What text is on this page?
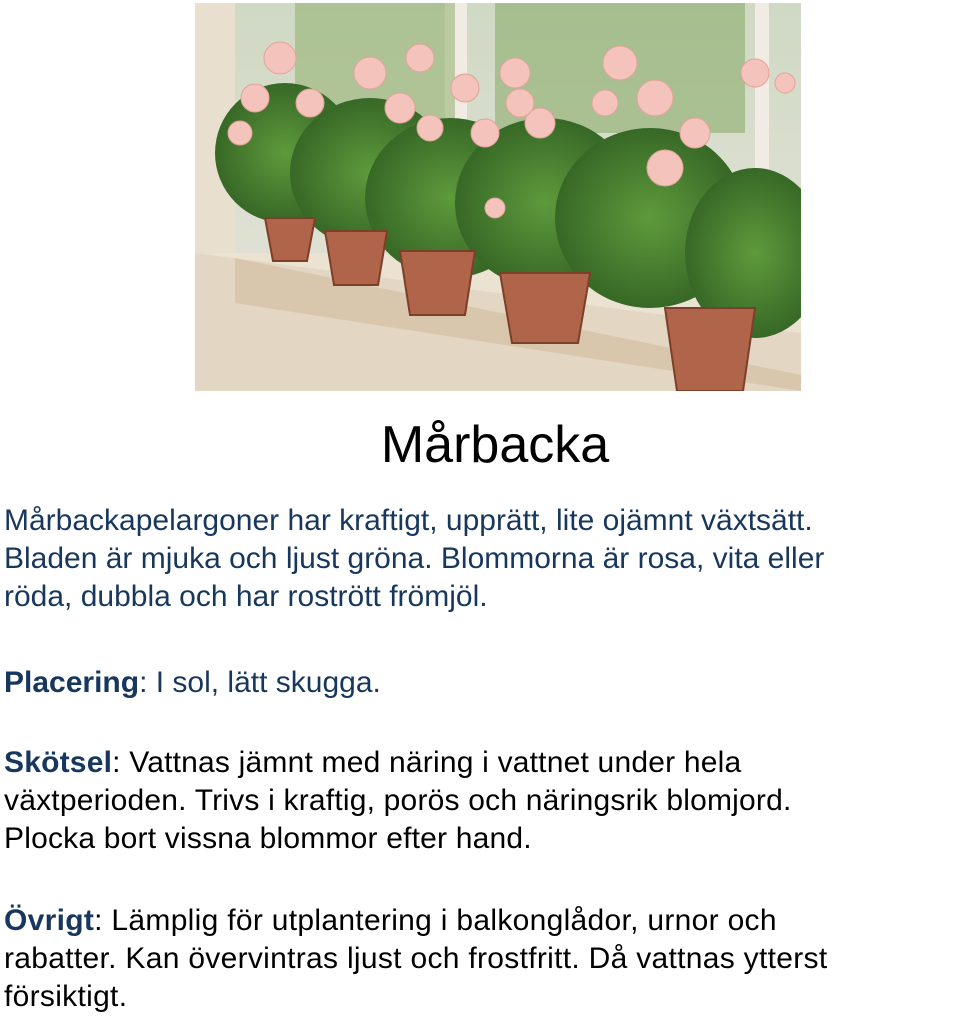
Mårbacka
Mårbackapelargoner har kraftigt, upprätt, lite ojämnt växtsätt.
Bladen är mjuka och ljust gröna. Blommorna är rosa, vita eller
röda, dubbla och har rostrött frömjöl.
Placering: I sol, lätt skugga.
Skötsel: Vattnas jämnt med näring i vattnet under hela
växtperioden. Trivs i kraftig, porös och näringsrik blomjord.
Plocka bort vissna blommor efter hand.
Övrigt: Lämplig för utplantering i balkonglådor, urnor och
rabatter. Kan övervintras ljust och frostfritt. Då vattnas ytterst
försiktigt.
